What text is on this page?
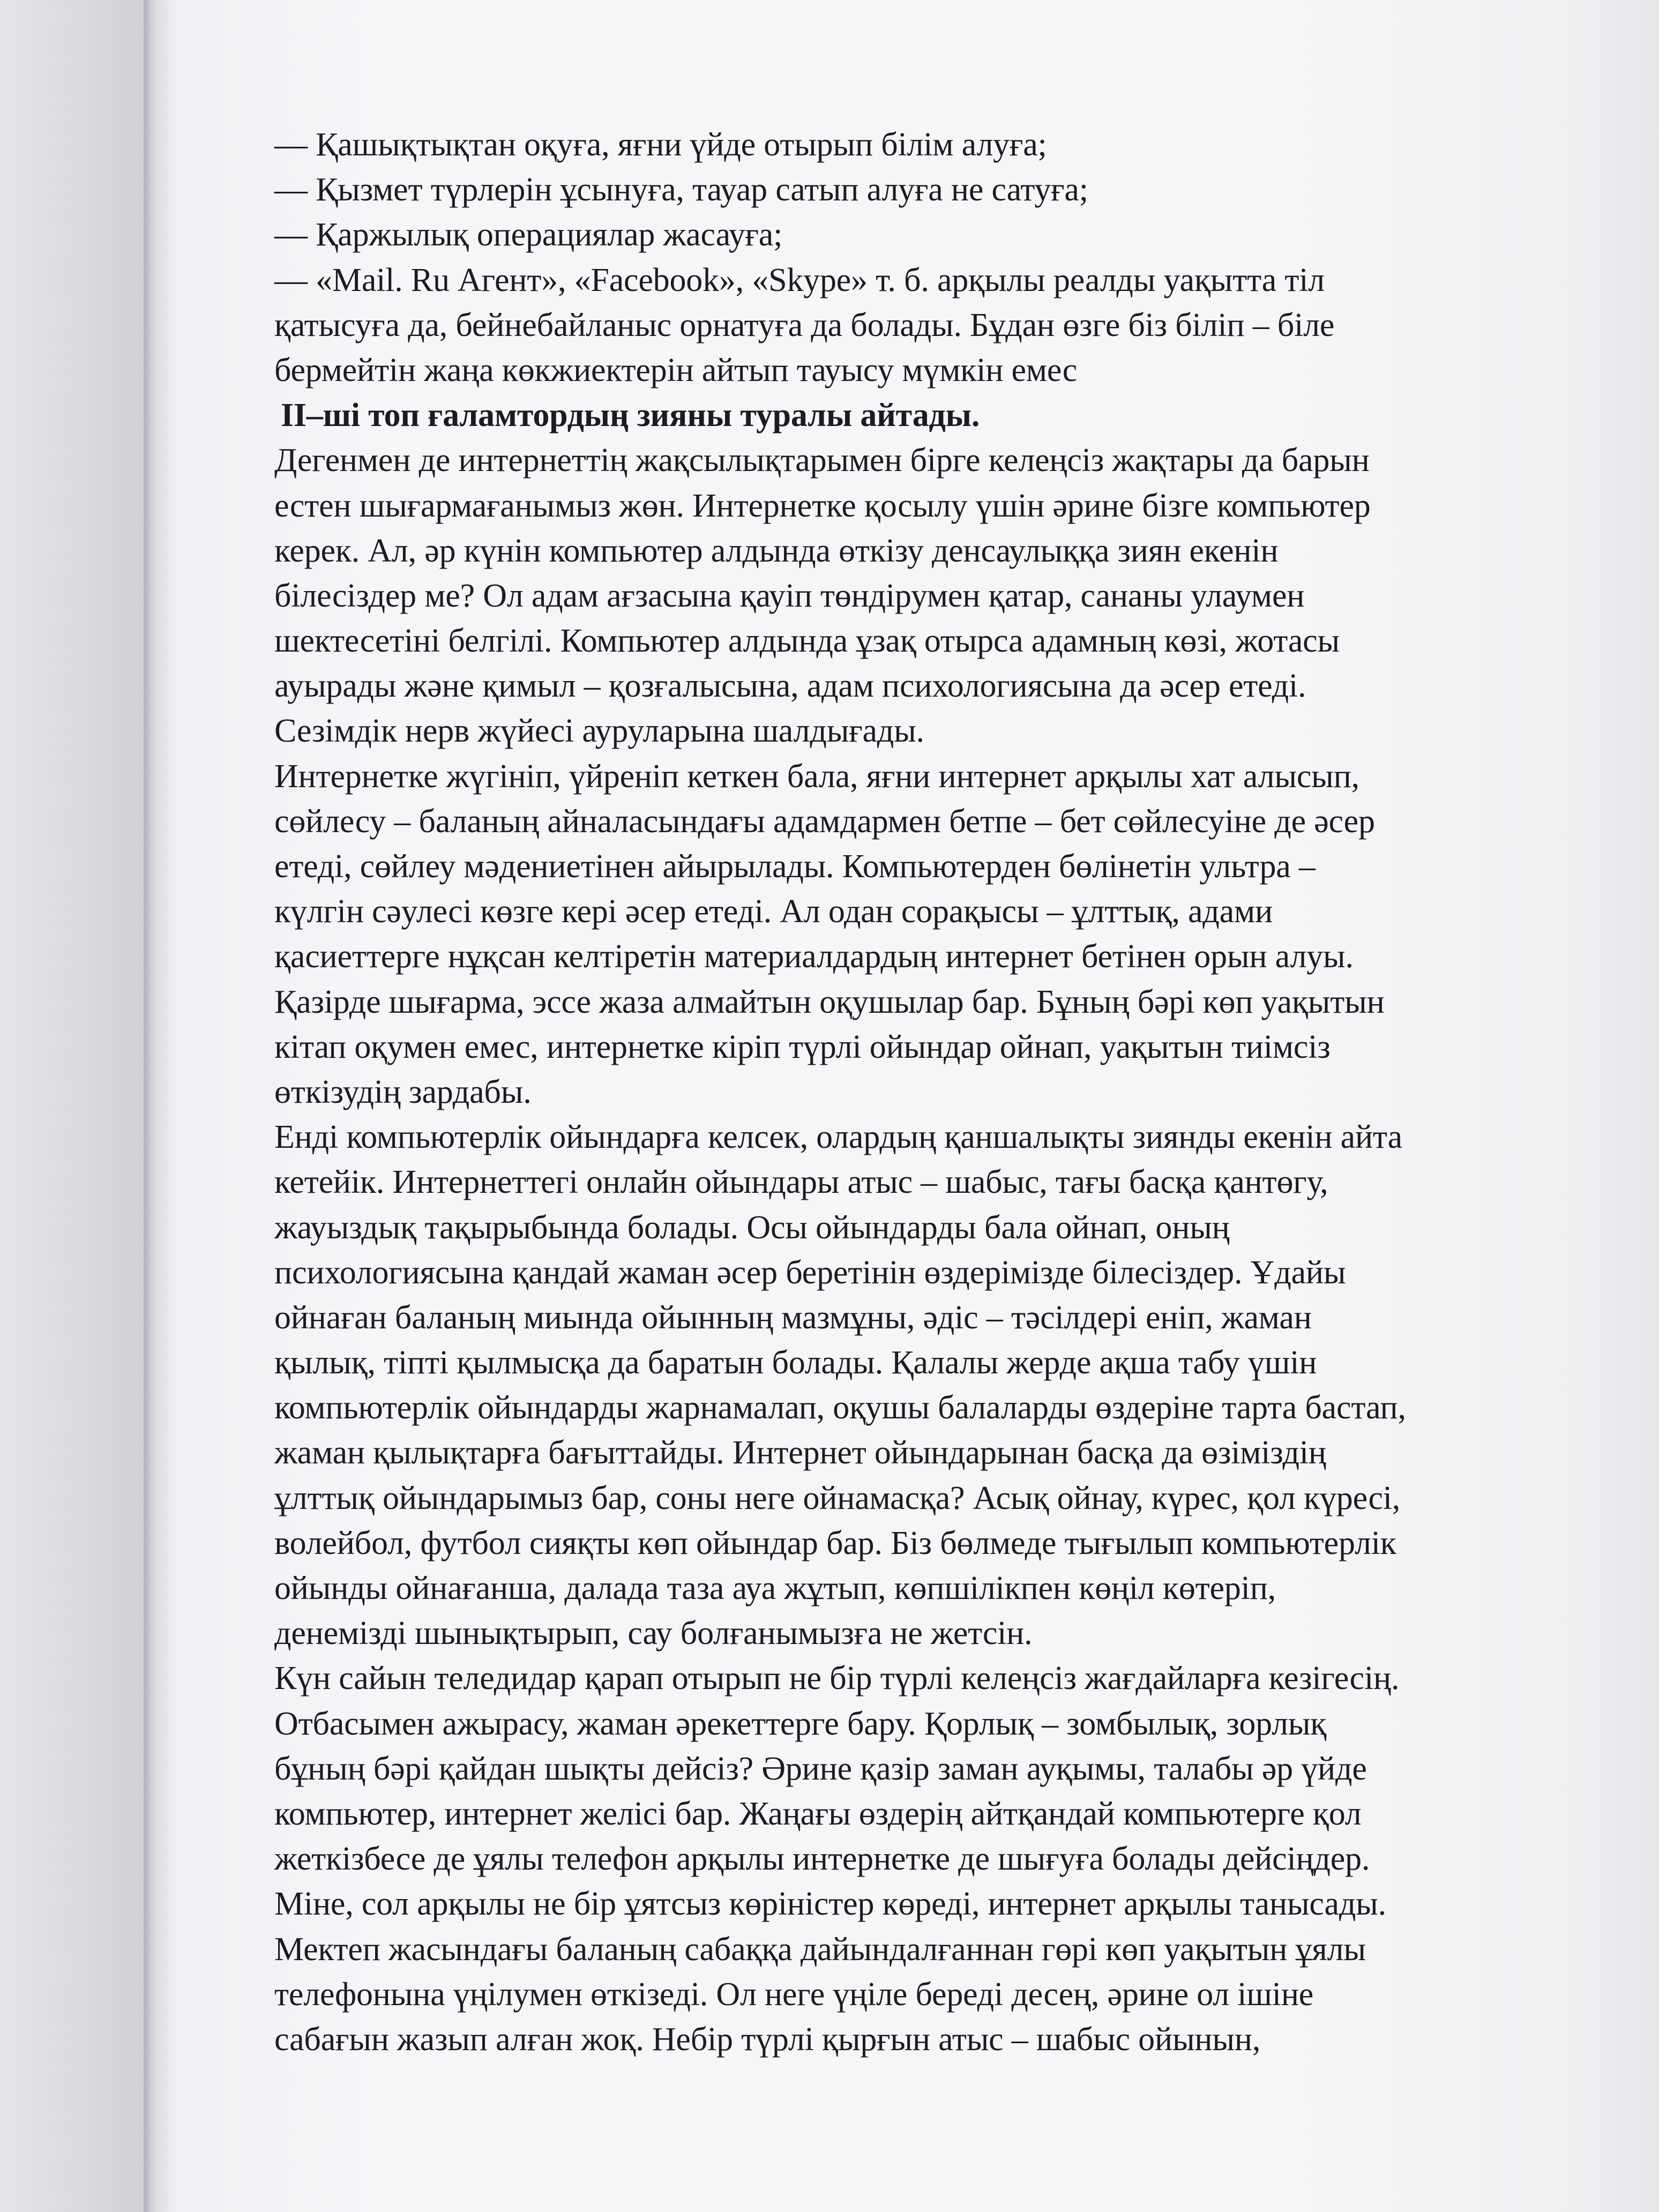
— Қашықтықтан оқуға, яғни үйде отырып білім алуға;
— Қызмет түрлерін ұсынуға, тауар сатып алуға не сатуға;
— Қаржылық операциялар жасауға;
— «Mail. Ru Агент», «Facebook», «Skype» т. б. арқылы реалды уақытта тіл
қатысуға да, бейнебайланыс орнатуға да болады. Бұдан өзге біз біліп – біле
бермейтін жаңа көкжиектерін айтып тауысу мүмкін емес
ІІ–ші топ ғаламтордың зияны туралы айтады.
Дегенмен де интернеттің жақсылықтарымен бірге келеңсіз жақтары да барын
естен шығармағанымыз жөн. Интернетке қосылу үшін әрине бізге компьютер
керек. Ал, әр күнін компьютер алдында өткізу денсаулыққа зиян екенін
білесіздер ме? Ол адам ағзасына қауіп төндірумен қатар, сананы улаумен
шектесетіні белгілі. Компьютер алдында ұзақ отырса адамның көзі, жотасы
ауырады және қимыл – қозғалысына, адам психологиясына да әсер етеді.
Сезімдік нерв жүйесі ауруларына шалдығады.
Интернетке жүгініп, үйреніп кеткен бала, яғни интернет арқылы хат алысып,
сөйлесу – баланың айналасындағы адамдармен бетпе – бет сөйлесуіне де әсер
етеді, сөйлеу мәдениетінен айырылады. Компьютерден бөлінетін ультра –
күлгін сәулесі көзге кері әсер етеді. Ал одан сорақысы – ұлттық, адами
қасиеттерге нұқсан келтіретін материалдардың интернет бетінен орын алуы.
Қазірде шығарма, эссе жаза алмайтын оқушылар бар. Бұның бәрі көп уақытын
кітап оқумен емес, интернетке кіріп түрлі ойындар ойнап, уақытын тиімсіз
өткізудің зардабы.
Енді компьютерлік ойындарға келсек, олардың қаншалықты зиянды екенін айта
кетейік. Интернеттегі онлайн ойындары атыс – шабыс, тағы басқа қантөгу,
жауыздық тақырыбында болады. Осы ойындарды бала ойнап, оның
психологиясына қандай жаман әсер беретінін өздерімізде білесіздер. Ұдайы
ойнаған баланың миында ойынның мазмұны, әдіс – тәсілдері еніп, жаман
қылық, тіпті қылмысқа да баратын болады. Қалалы жерде ақша табу үшін
компьютерлік ойындарды жарнамалап, оқушы балаларды өздеріне тарта бастап,
жаман қылықтарға бағыттайды. Интернет ойындарынан басқа да өзіміздің
ұлттық ойындарымыз бар, соны неге ойнамасқа? Асық ойнау, күрес, қол күресі,
волейбол, футбол сияқты көп ойындар бар. Біз бөлмеде тығылып компьютерлік
ойынды ойнағанша, далада таза ауа жұтып, көпшілікпен көңіл көтеріп,
денемізді шынықтырып, сау болғанымызға не жетсін.
Күн сайын теледидар қарап отырып не бір түрлі келеңсіз жағдайларға кезігесің.
Отбасымен ажырасу, жаман әрекеттерге бару. Қорлық – зомбылық, зорлық
бұның бәрі қайдан шықты дейсіз? Әрине қазір заман ауқымы, талабы әр үйде
компьютер, интернет желісі бар. Жаңағы өздерің айтқандай компьютерге қол
жеткізбесе де ұялы телефон арқылы интернетке де шығуға болады дейсіңдер.
Міне, сол арқылы не бір ұятсыз көріністер көреді, интернет арқылы танысады.
Мектеп жасындағы баланың сабаққа дайындалғаннан гөрі көп уақытын ұялы
телефонына үңілумен өткізеді. Ол неге үңіле береді десең, әрине ол ішіне
сабағын жазып алған жоқ. Небір түрлі қырғын атыс – шабыс ойынын,
